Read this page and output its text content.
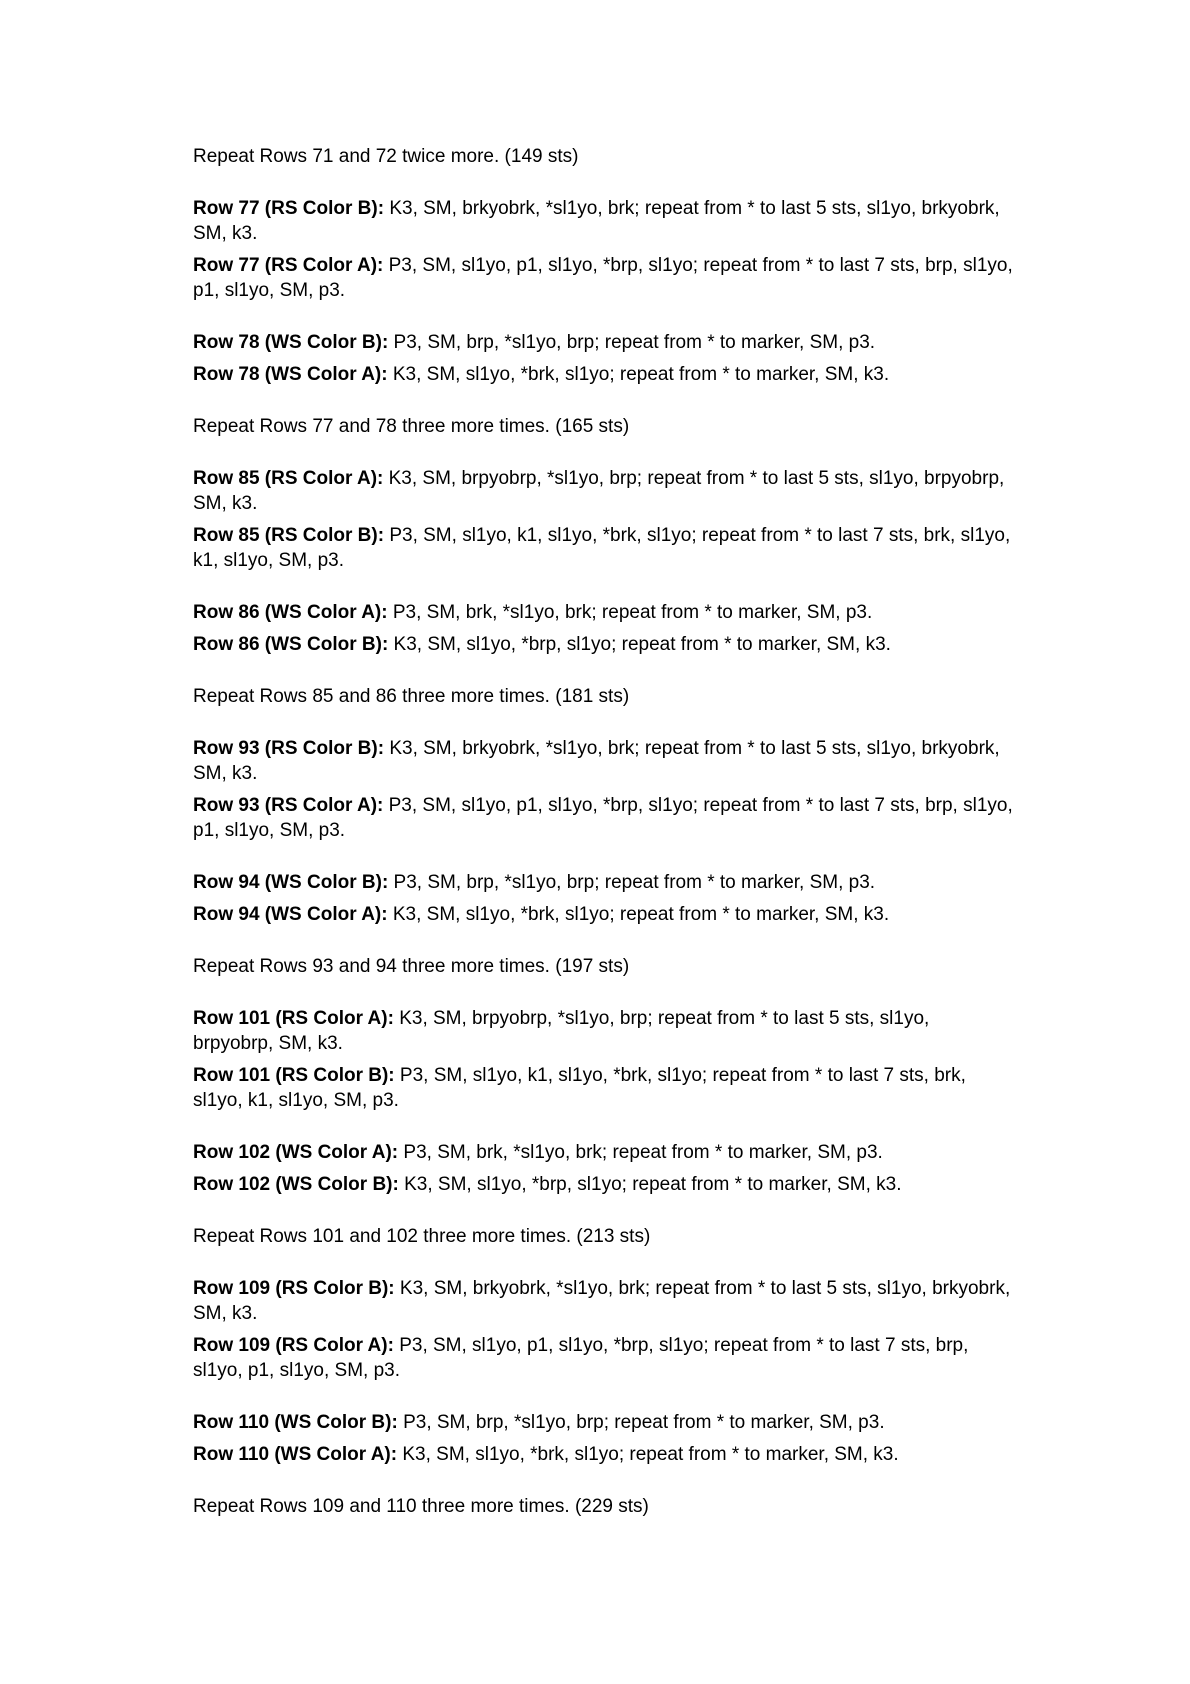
Repeat Rows 71 and 72 twice more. (149 sts)

Row 77 (RS Color B): K3, SM, brkyobrk, *sl1yo, brk; repeat from * to last 5 sts, sl1yo, brkyobrk, SM, k3.

Row 77 (RS Color A): P3, SM, sl1yo, p1, sl1yo, *brp, sl1yo; repeat from * to last 7 sts, brp, sl1yo, p1, sl1yo, SM, p3.

Row 78 (WS Color B): P3, SM, brp, *sl1yo, brp; repeat from * to marker, SM, p3.

Row 78 (WS Color A): K3, SM, sl1yo, *brk, sl1yo; repeat from * to marker, SM, k3.

Repeat Rows 77 and 78 three more times. (165 sts)

Row 85 (RS Color A): K3, SM, brpyobrp, *sl1yo, brp; repeat from * to last 5 sts, sl1yo, brpyobrp, SM, k3.

Row 85 (RS Color B): P3, SM, sl1yo, k1, sl1yo, *brk, sl1yo; repeat from * to last 7 sts, brk, sl1yo, k1, sl1yo, SM, p3.

Row 86 (WS Color A): P3, SM, brk, *sl1yo, brk; repeat from * to marker, SM, p3.

Row 86 (WS Color B): K3, SM, sl1yo, *brp, sl1yo; repeat from * to marker, SM, k3.

Repeat Rows 85 and 86 three more times. (181 sts)

Row 93 (RS Color B): K3, SM, brkyobrk, *sl1yo, brk; repeat from * to last 5 sts, sl1yo, brkyobrk, SM, k3.

Row 93 (RS Color A): P3, SM, sl1yo, p1, sl1yo, *brp, sl1yo; repeat from * to last 7 sts, brp, sl1yo, p1, sl1yo, SM, p3.

Row 94 (WS Color B): P3, SM, brp, *sl1yo, brp; repeat from * to marker, SM, p3.

Row 94 (WS Color A): K3, SM, sl1yo, *brk, sl1yo; repeat from * to marker, SM, k3.

Repeat Rows 93 and 94 three more times. (197 sts)

Row 101 (RS Color A): K3, SM, brpyobrp, *sl1yo, brp; repeat from * to last 5 sts, sl1yo, brpyobrp, SM, k3.

Row 101 (RS Color B): P3, SM, sl1yo, k1, sl1yo, *brk, sl1yo; repeat from * to last 7 sts, brk, sl1yo, k1, sl1yo, SM, p3.

Row 102 (WS Color A): P3, SM, brk, *sl1yo, brk; repeat from * to marker, SM, p3.

Row 102 (WS Color B): K3, SM, sl1yo, *brp, sl1yo; repeat from * to marker, SM, k3.

Repeat Rows 101 and 102 three more times. (213 sts)

Row 109 (RS Color B): K3, SM, brkyobrk, *sl1yo, brk; repeat from * to last 5 sts, sl1yo, brkyobrk, SM, k3.

Row 109 (RS Color A): P3, SM, sl1yo, p1, sl1yo, *brp, sl1yo; repeat from * to last 7 sts, brp, sl1yo, p1, sl1yo, SM, p3.

Row 110 (WS Color B): P3, SM, brp, *sl1yo, brp; repeat from * to marker, SM, p3.

Row 110 (WS Color A): K3, SM, sl1yo, *brk, sl1yo; repeat from * to marker, SM, k3.

Repeat Rows 109 and 110 three more times. (229 sts)
